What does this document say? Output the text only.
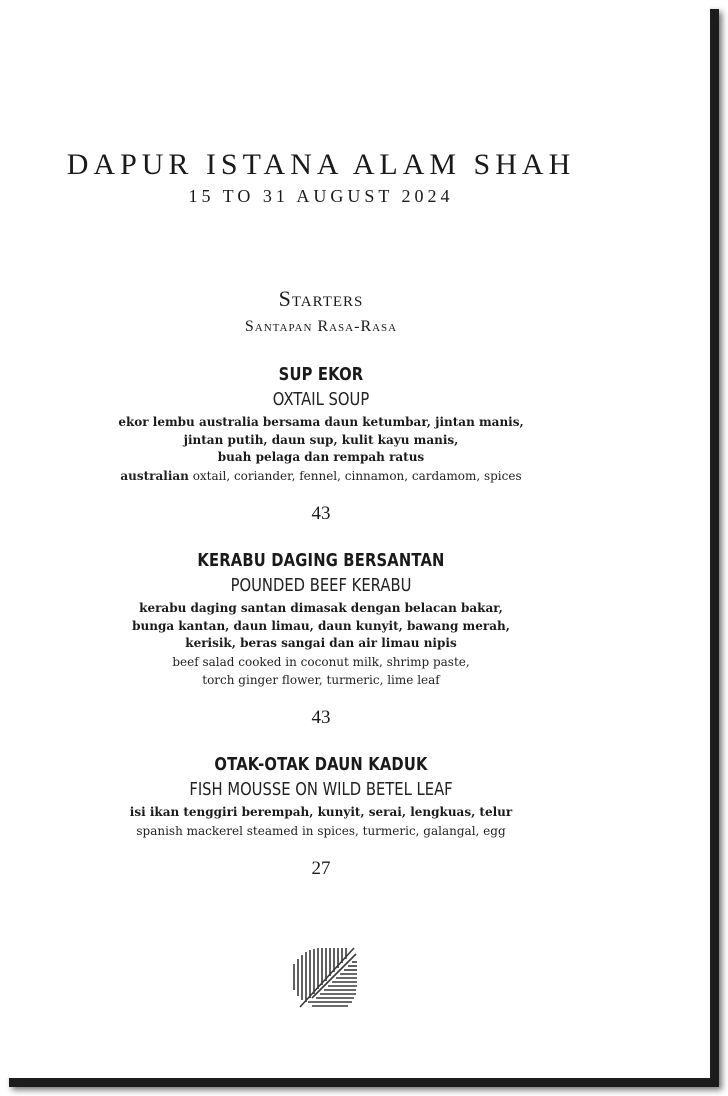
DAPUR ISTANA ALAM SHAH
15 TO 31 AUGUST 2024
Starters
Santapan Rasa-Rasa
SUP EKOR
OXTAIL SOUP
ekor lembu australia bersama daun ketumbar, jintan manis,
jintan putih, daun sup, kulit kayu manis,
buah pelaga dan rempah ratus
australian oxtail, coriander, fennel, cinnamon, cardamom, spices
43
KERABU DAGING BERSANTAN
POUNDED BEEF KERABU
kerabu daging santan dimasak dengan belacan bakar,
bunga kantan, daun limau, daun kunyit, bawang merah,
kerisik, beras sangai dan air limau nipis
beef salad cooked in coconut milk, shrimp paste,
torch ginger flower, turmeric, lime leaf
43
OTAK-OTAK DAUN KADUK
FISH MOUSSE ON WILD BETEL LEAF
isi ikan tenggiri berempah, kunyit, serai, lengkuas, telur
spanish mackerel steamed in spices, turmeric, galangal, egg
27
